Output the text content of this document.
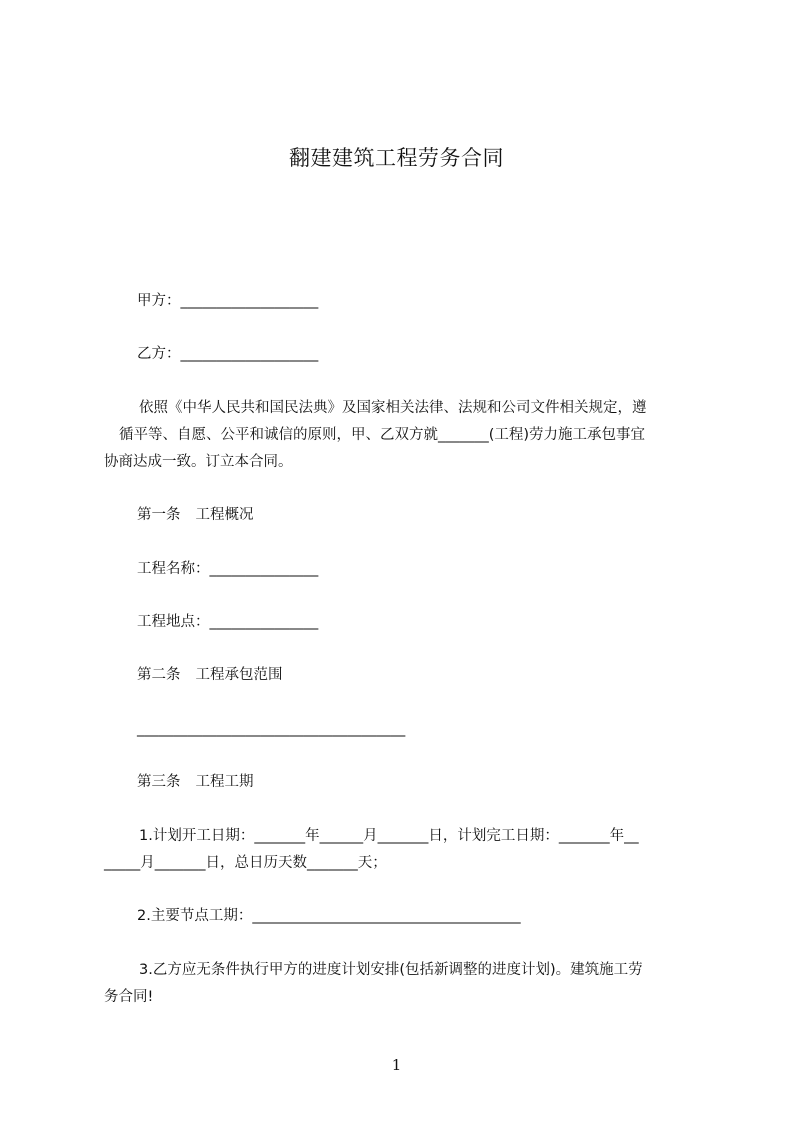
翻建建筑工程劳务合同
甲方：___________________
乙方：___________________
依照《中华人民共和国民法典》及国家相关法律、法规和公司文件相关规定，遵
循平等、自愿、公平和诚信的原则，甲、乙双方就_______(工程)劳力施工承包事宜
协商达成一致。订立本合同。
第一条 工程概况
工程名称：_______________
工程地点：_______________
第二条 工程承包范围
_____________________________________
第三条 工程工期
1.计划开工日期：_______年______月_______日，计划完工日期：_______年__
_____月_______日，总日历天数_______天；
2.主要节点工期：_____________________________________
3.乙方应无条件执行甲方的进度计划安排(包括新调整的进度计划)。建筑施工劳
务合同!
1
